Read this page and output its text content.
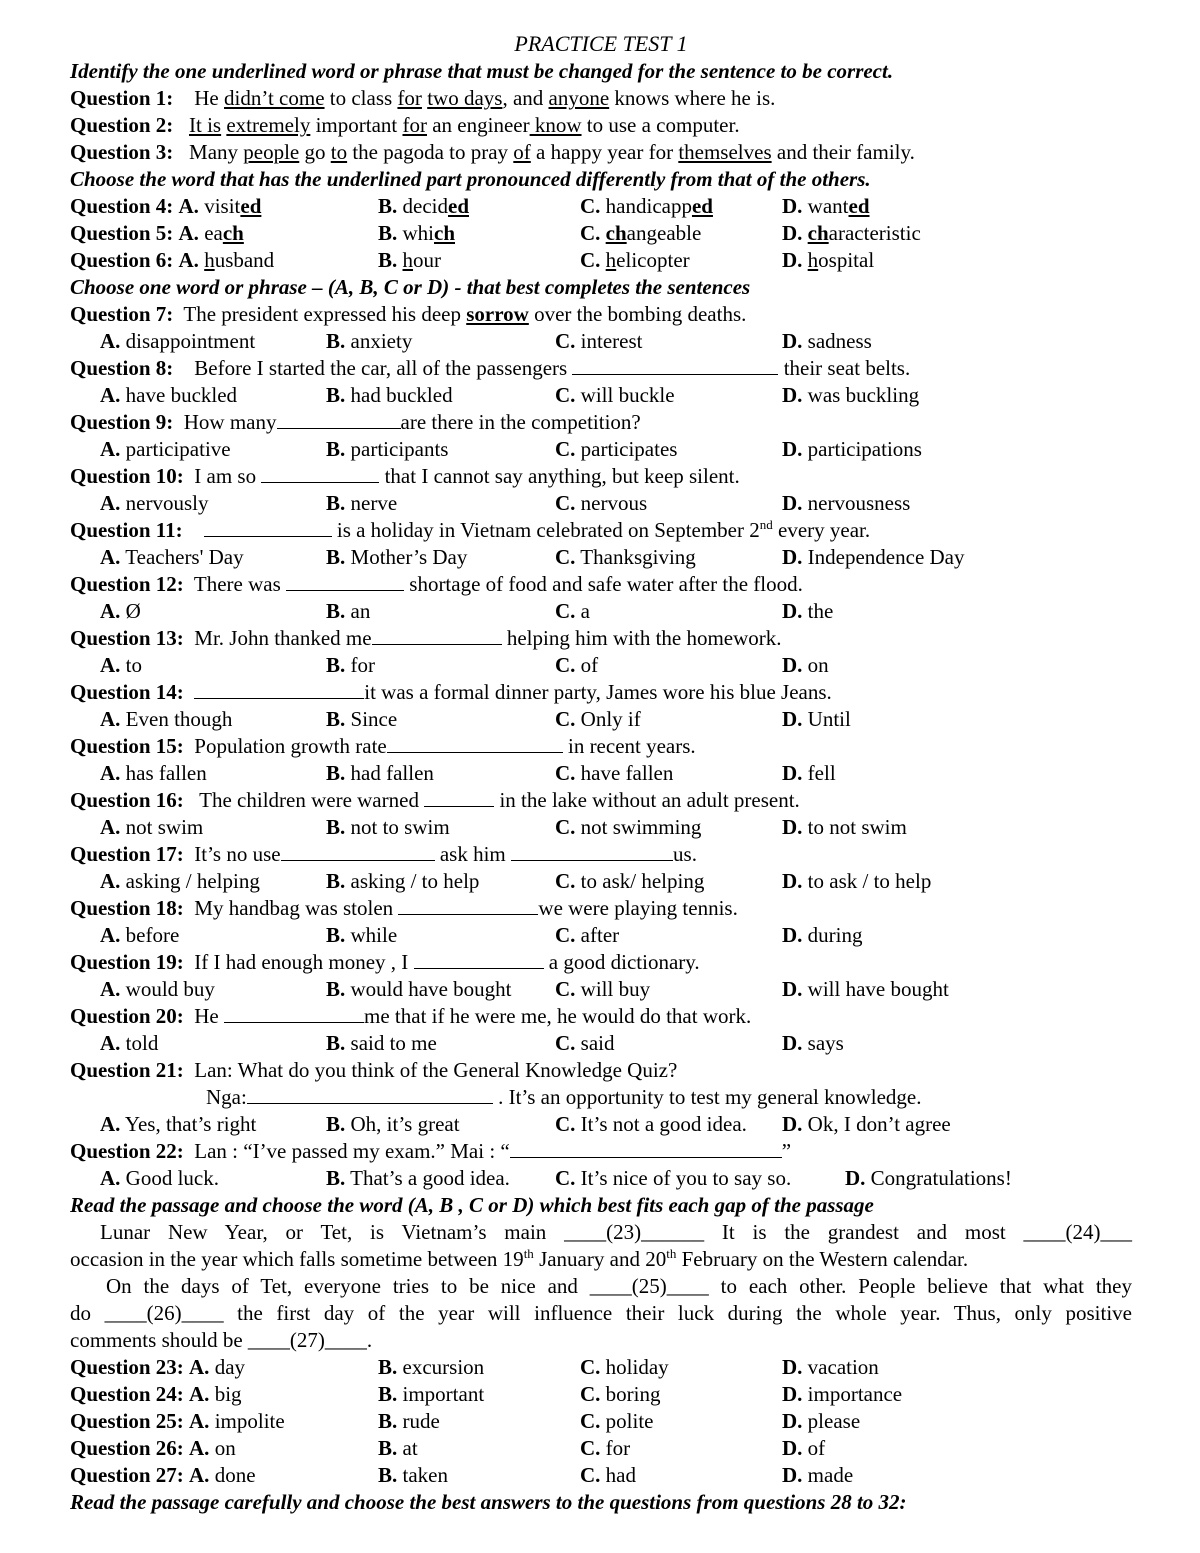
PRACTICE TEST 1
Identify the one underlined word or phrase that must be changed for the sentence to be correct.
Question 1: He didn’t come to class for two days, and anyone knows where he is.
Question 2: It is extremely important for an engineer know to use a computer.
Question 3: Many people go to the pagoda to pray of a happy year for themselves and their family.
Choose the word that has the underlined part pronounced differently from that of the others.
Question 4: A. visited	B. decided	C. handicapped	D. wanted
Question 5: A. each	B. which	C. changeable	D. characteristic
Question 6: A. husband	B. hour	C. helicopter	D. hospital
Choose one word or phrase – (A, B, C or D) - that best completes the sentences
Question 7: The president expressed his deep sorrow over the bombing deaths.
A. disappointment	B. anxiety	C. interest	D. sadness
Question 8: Before I started the car, all of the passengers	their seat belts.
A. have buckled	B. had buckled	C. will buckle	D. was buckling
Question 9: How many	are there in the competition?
A. participative	B. participants	C. participates	D. participations
Question 10: I am so	that I cannot say anything, but keep silent.
A. nervously	B. nerve	C. nervous	D. nervousness
Question 11:	is a holiday in Vietnam celebrated on September 2nd every year.
A. Teachers' Day	B. Mother’s Day	C. Thanksgiving	D. Independence Day
Question 12: There was	shortage of food and safe water after the flood.
A. Ø	B. an	C. a	D. the
Question 13: Mr. John thanked me	helping him with the homework.
A. to	B. for	C. of	D. on
Question 14:	it was a formal dinner party, James wore his blue Jeans.
A. Even though	B. Since	C. Only if	D. Until
Question 15: Population growth rate	in recent years.
A. has fallen	B. had fallen	C. have fallen	D. fell
Question 16: The children were warned	in the lake without an adult present.
A. not swim	B. not to swim	C. not swimming	D. to not swim
Question 17: It’s no use	ask him	us.
A. asking / helping	B. asking / to help	C. to ask/ helping	D. to ask / to help
Question 18: My handbag was stolen	we were playing tennis.
A. before	B. while	C. after	D. during
Question 19: If I had enough money , I	a good dictionary.
A. would buy	B. would have bought C. will buy	D. will have bought
Question 20: He	me that if he were me, he would do that work.
A. told	B. said to me	C. said	D. says
Question 21: Lan: What do you think of the General Knowledge Quiz?
Nga:	. It’s an opportunity to test my general knowledge.
A. Yes, that’s right	B. Oh, it’s great	C. It’s not a good idea. D. Ok, I don’t agree
Question 22: Lan : “I’ve passed my exam.” Mai : “	”
A. Good luck.	B. That’s a good idea. C. It’s nice of you to say so.	D. Congratulations!
Read the passage and choose the word (A, B , C or D) which best fits each gap of the passage
Lunar New Year, or Tet, is Vietnam’s main ____(23)______ It is the grandest and most ____(24)___
occasion in the year which falls sometime between 19th January and 20th February on the Western calendar.
On the days of Tet, everyone tries to be nice and ____(25)____ to each other. People believe that what they
do ____(26)____ the first day of the year will influence their luck during the whole year. Thus, only positive
comments should be ____(27)____.
Question 23: A. day	B. excursion	C. holiday	D. vacation
Question 24: A. big	B. important	C. boring	D. importance
Question 25: A. impolite	B. rude	C. polite	D. please
Question 26: A. on	B. at	C. for	D. of
Question 27: A. done	B. taken	C. had	D. made
Read the passage carefully and choose the best answers to the questions from questions 28 to 32:
